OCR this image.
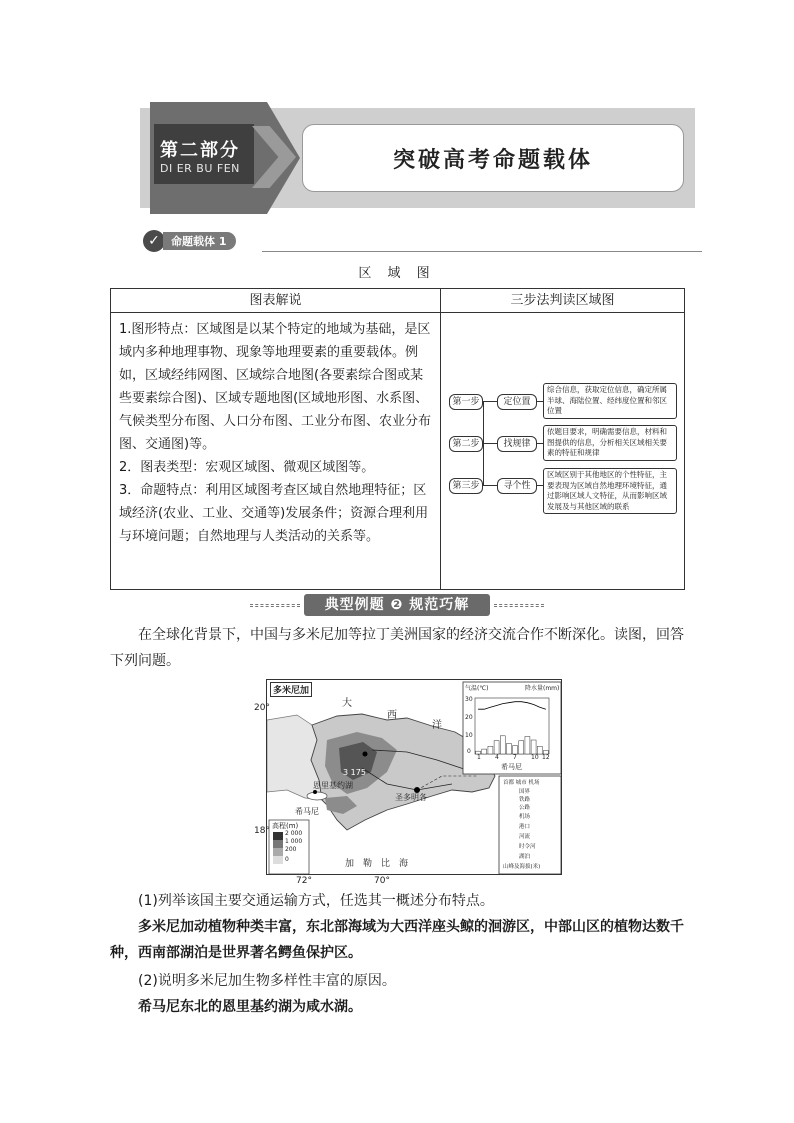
第二部分
DI ER BU FEN	突破高考命题载体
✓	命题载体 1
区 域 图
图表解说	三步法判读区域图

1.图形特点：区域图是以某个特定的地域为基础，是区域内多种地理事物、现象等地理要素的重要载体。例如，区域经纬网图、区域综合地图(各要素综合图或某些要素综合图)、区域专题地图(区域地形图、水系图、气候类型分布图、人口分布图、工业分布图、农业分布图、交通图)等。

2．图表类型：宏观区域图、微观区域图等。

3．命题特点：利用区域图考查区域自然地理特征；区域经济(农业、工业、交通等)发展条件；资源合理利用与环境问题；自然地理与人类活动的关系等。

第一步
第二步
第三步
定位置
找规律
寻个性
综合信息，获取定位信息，确定所属半球、海陆位置、经纬度位置和邻区位置
依题目要求，明确需要信息，材料和图提供的信息，分析相关区域相关要素的特征和规律
区域区别于其他地区的个性特征，主要表现为区域自然地理环境特征，通过影响区域人文特征，从而影响区域发展及与其他区域的联系
典型例题 ❷ 规范巧解
在全球化背景下，中国与多米尼加等拉丁美洲国家的经济交流合作不断深化。读图，回答下列问题。
多米尼加
大
西
洋
加　勒　比　海
3 175
恩里基约湖
希马尼
圣多明各
气温(℃)	降水量(mm)
30
20
10
0
1 4 7 10 12
希马尼
高程(m)
2 000
1 000
200
0
首都 城市 机场
国界
铁路
公路
机场
港口
河流
时令河
湖泊
山峰及海拔(米)
20°
18°
72°	70°
(1)列举该国主要交通运输方式，任选其一概述分布特点。
多米尼加动植物种类丰富，东北部海域为大西洋座头鲸的洄游区，中部山区的植物达数千种，西南部湖泊是世界著名鳄鱼保护区。
(2)说明多米尼加生物多样性丰富的原因。
希马尼东北的恩里基约湖为咸水湖。
